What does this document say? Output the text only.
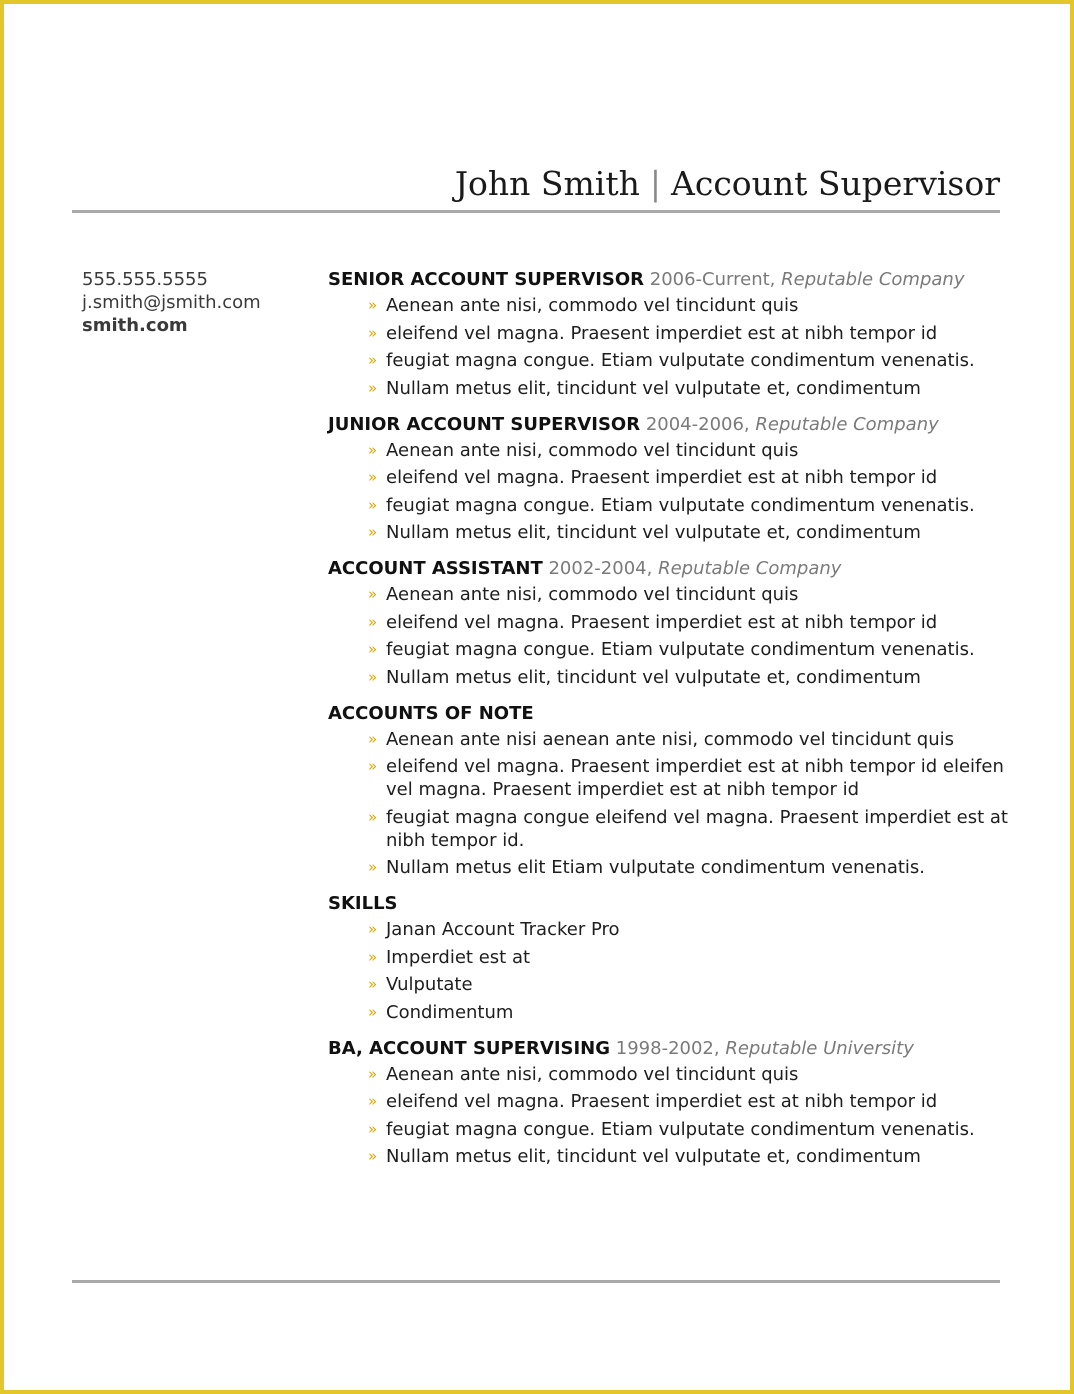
John Smith | Account Supervisor
555.555.5555
j.smith@jsmith.com
smith.com
SENIOR ACCOUNT SUPERVISOR 2006-Current, Reputable Company
» Aenean ante nisi, commodo vel tincidunt quis
» eleifend vel magna. Praesent imperdiet est at nibh tempor id
» feugiat magna congue. Etiam vulputate condimentum venenatis.
» Nullam metus elit, tincidunt vel vulputate et, condimentum
JUNIOR ACCOUNT SUPERVISOR 2004-2006, Reputable Company
» Aenean ante nisi, commodo vel tincidunt quis
» eleifend vel magna. Praesent imperdiet est at nibh tempor id
» feugiat magna congue. Etiam vulputate condimentum venenatis.
» Nullam metus elit, tincidunt vel vulputate et, condimentum
ACCOUNT ASSISTANT 2002-2004, Reputable Company
» Aenean ante nisi, commodo vel tincidunt quis
» eleifend vel magna. Praesent imperdiet est at nibh tempor id
» feugiat magna congue. Etiam vulputate condimentum venenatis.
» Nullam metus elit, tincidunt vel vulputate et, condimentum
ACCOUNTS OF NOTE
» Aenean ante nisi aenean ante nisi, commodo vel tincidunt quis
» eleifend vel magna. Praesent imperdiet est at nibh tempor id eleifen vel magna. Praesent imperdiet est at nibh tempor id
» feugiat magna congue eleifend vel magna. Praesent imperdiet est at nibh tempor id.
» Nullam metus elit Etiam vulputate condimentum venenatis.
SKILLS
» Janan Account Tracker Pro
» Imperdiet est at
» Vulputate
» Condimentum
BA, ACCOUNT SUPERVISING 1998-2002, Reputable University
» Aenean ante nisi, commodo vel tincidunt quis
» eleifend vel magna. Praesent imperdiet est at nibh tempor id
» feugiat magna congue. Etiam vulputate condimentum venenatis.
» Nullam metus elit, tincidunt vel vulputate et, condimentum
